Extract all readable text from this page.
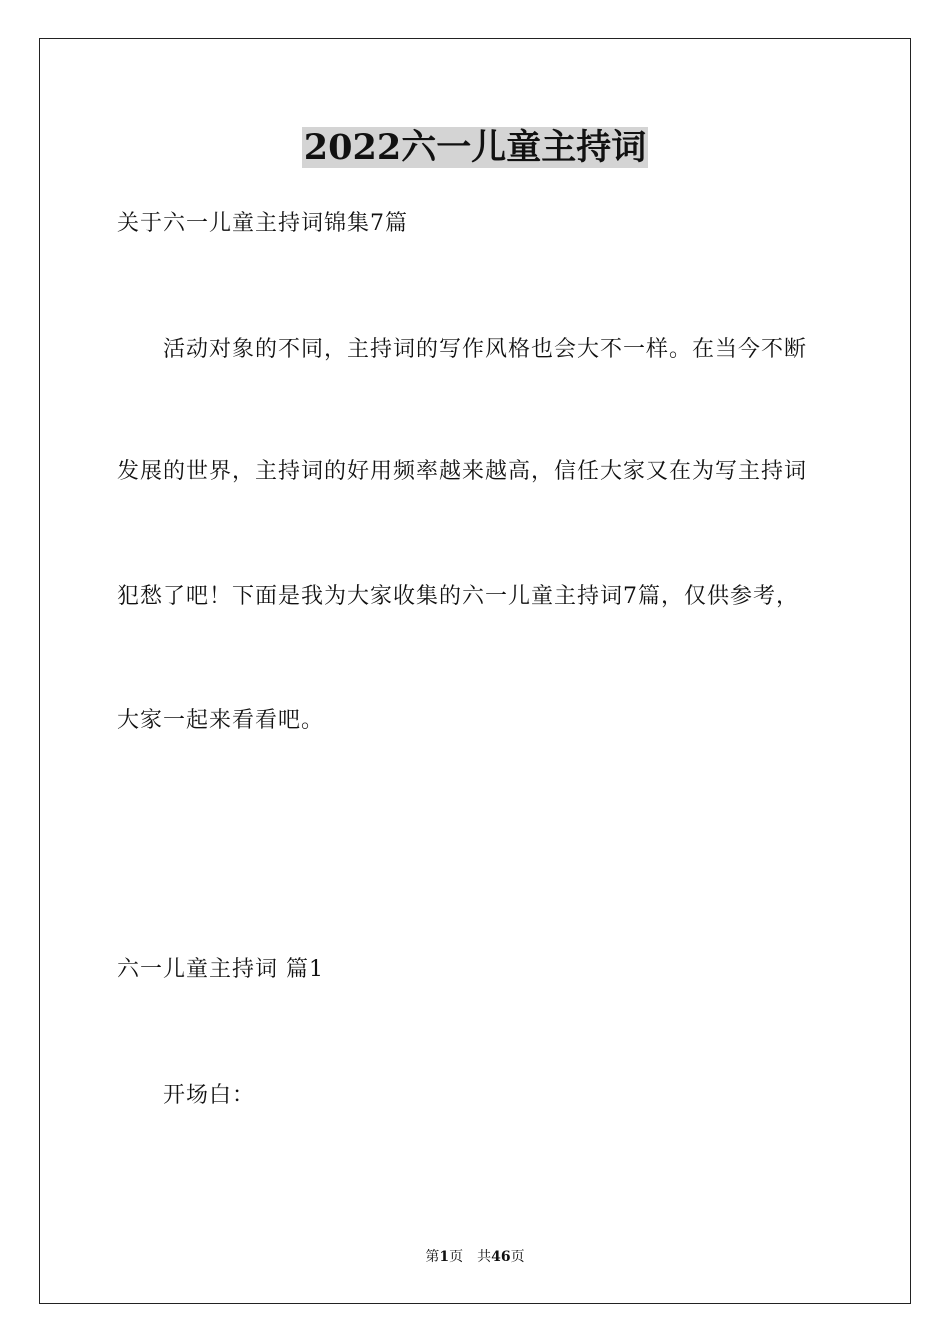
2022六一儿童主持词
关于六一儿童主持词锦集7篇
活动对象的不同，主持词的写作风格也会大不一样。在当今不断
发展的世界，主持词的好用频率越来越高，信任大家又在为写主持词
犯愁了吧！下面是我为大家收集的六一儿童主持词7篇，仅供参考，
大家一起来看看吧。
六一儿童主持词 篇1
开场白：
第1页　共46页
